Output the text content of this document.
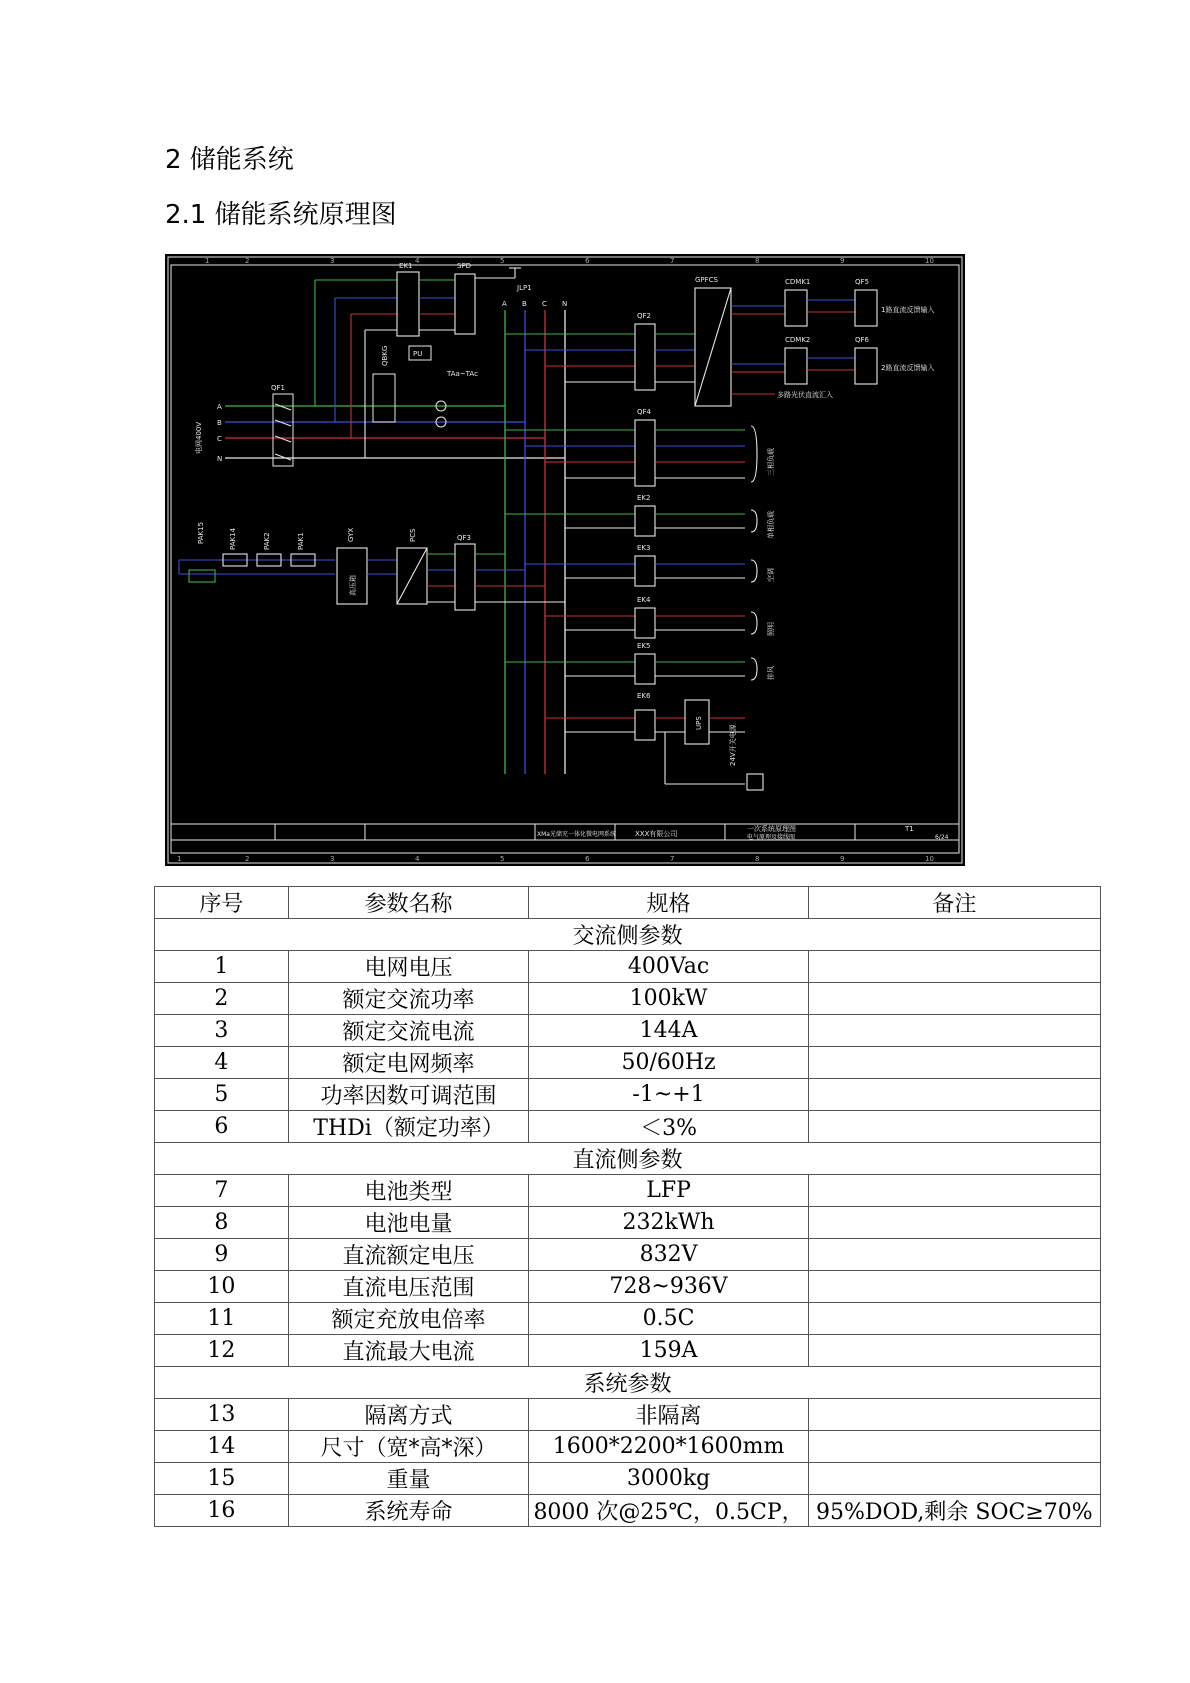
2 储能系统
2.1 储能系统原理图
1	2	3	4	5	6	7	8	9	10
A
B
C
N
电网400V
QF1
EK1	SPD
QBKG	PU
TAa~TAc
JLP1
A B C N
QF2
GPFCS	CDMK1
CDMK2
QF5
QF6
1路直流反馈输入
2路直流反馈输入
多路光伏直流汇入
QF4
三相负载
EK2
EK3
EK4
EK5
EK6
单相负载
空调
照明
排风
UPS
24V开关电源
PAK15	PAK14	PAK2	PAK1	GYX
高压箱
PCS	QF3
XMa光储充一体化微电网系统	XXX有限公司
一次系统原理图
电气原理及接线图
T1
6/24
2	3	4	5	6	7	8	9	10
1
序号	参数名称	规格	备注
交流侧参数			
1	电网电压	400Vac	
2	额定交流功率	100kW	
3	额定交流电流	144A	
4	额定电网频率	50/60Hz	
5	功率因数可调范围	-1~+1	
6	THDi（额定功率）	＜3%	
直流侧参数			
7	电池类型	LFP	
8	电池电量	232kWh	
9	直流额定电压	832V	
10	直流电压范围	728~936V	
11	额定充放电倍率	0.5C	
12	直流最大电流	159A	
系统参数			
13	隔离方式	非隔离	
14	尺寸（宽*高*深）	1600*2200*1600mm	
15	重量	3000kg	
16	系统寿命	8000 次@25℃，0.5CP，	95%DOD,剩余 SOC≥70%
